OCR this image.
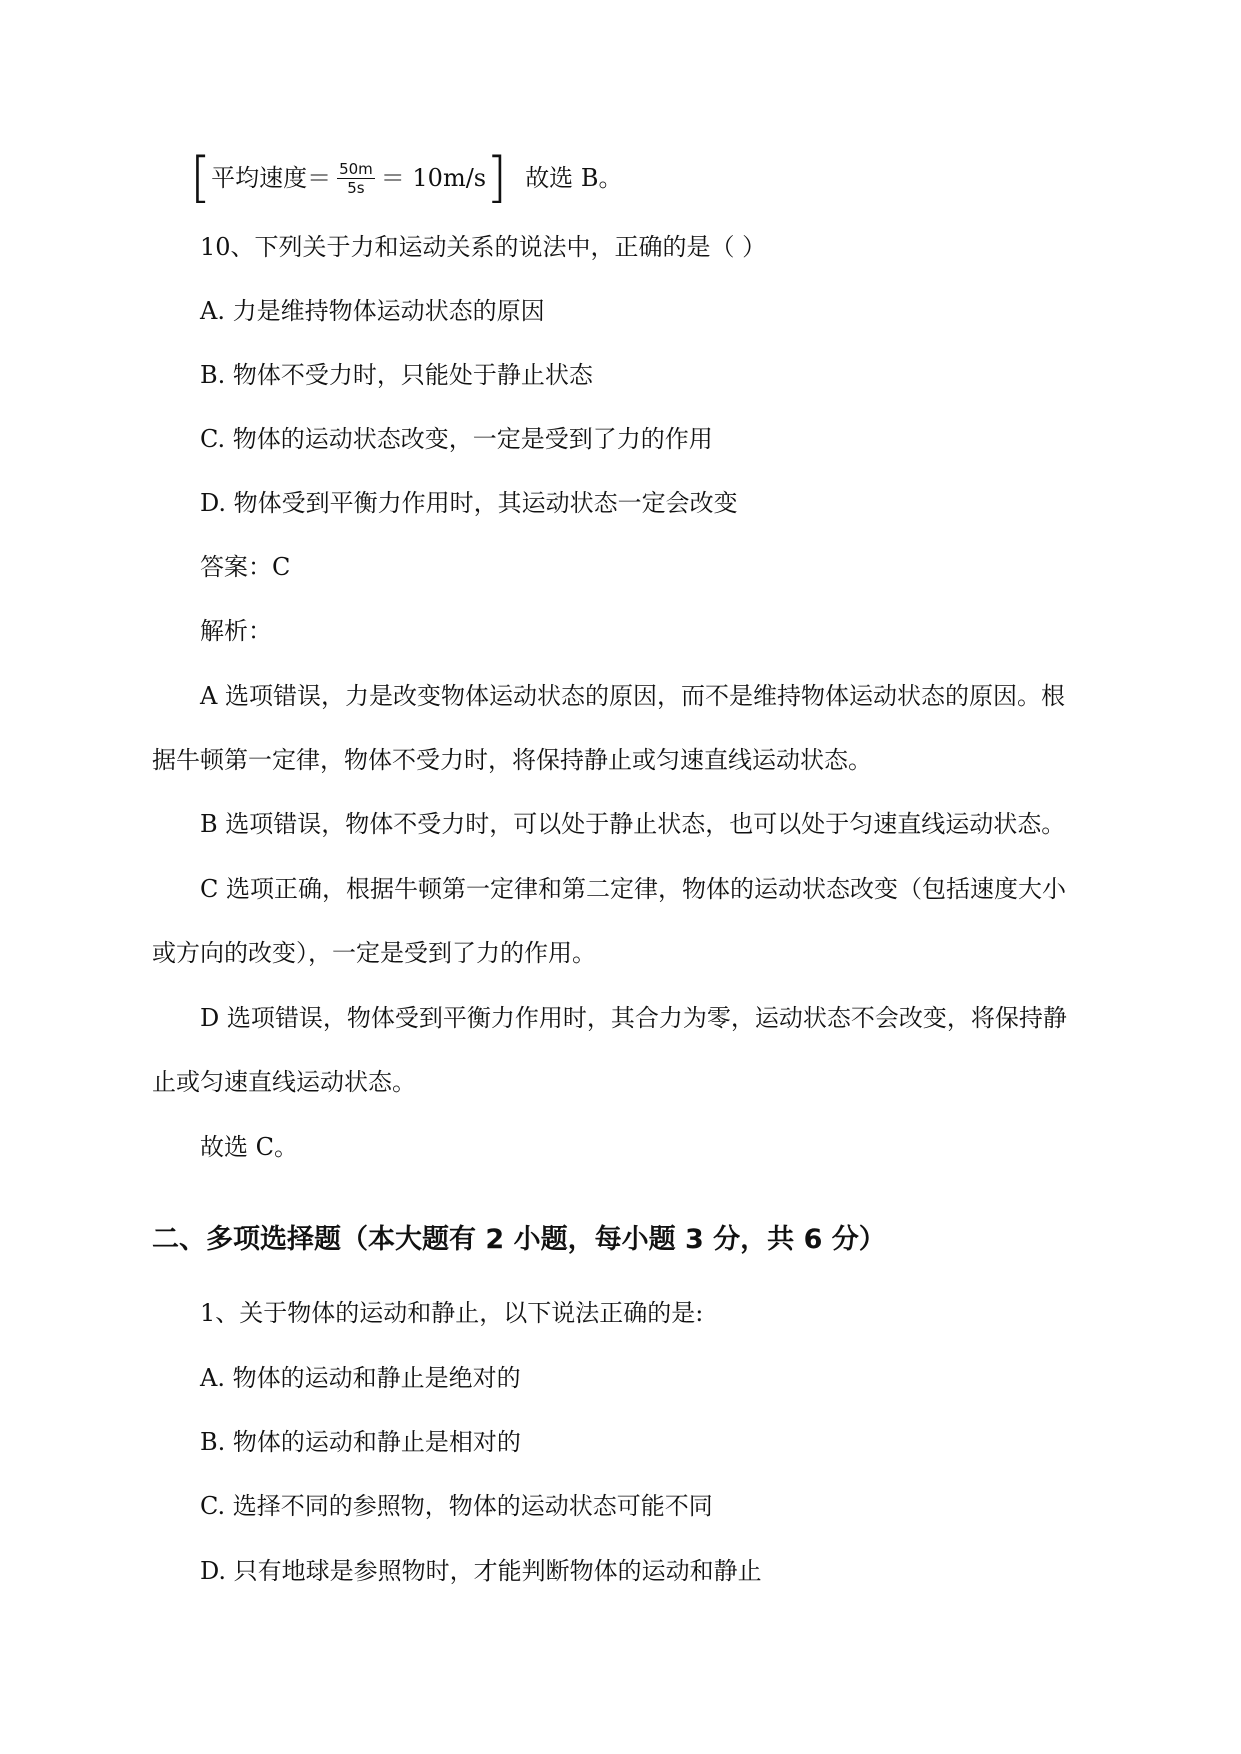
[ 平均速度＝ $\frac{50m}{5s} = 10m/s$ ] 故选 B。
10、下列关于力和运动关系的说法中，正确的是（ ）
A. 力是维持物体运动状态的原因
B. 物体不受力时，只能处于静止状态
C. 物体的运动状态改变，一定是受到了力的作用
D. 物体受到平衡力作用时，其运动状态一定会改变
答案：C
解析：
A 选项错误，力是改变物体运动状态的原因，而不是维持物体运动状态的原因。根
据牛顿第一定律，物体不受力时，将保持静止或匀速直线运动状态。
B 选项错误，物体不受力时，可以处于静止状态，也可以处于匀速直线运动状态。
C 选项正确，根据牛顿第一定律和第二定律，物体的运动状态改变（包括速度大小
或方向的改变），一定是受到了力的作用。
D 选项错误，物体受到平衡力作用时，其合力为零，运动状态不会改变，将保持静
止或匀速直线运动状态。
故选 C。
二、多项选择题（本大题有 2 小题，每小题 3 分，共 6 分）
1、关于物体的运动和静止，以下说法正确的是:
A. 物体的运动和静止是绝对的
B. 物体的运动和静止是相对的
C. 选择不同的参照物，物体的运动状态可能不同
D. 只有地球是参照物时，才能判断物体的运动和静止
